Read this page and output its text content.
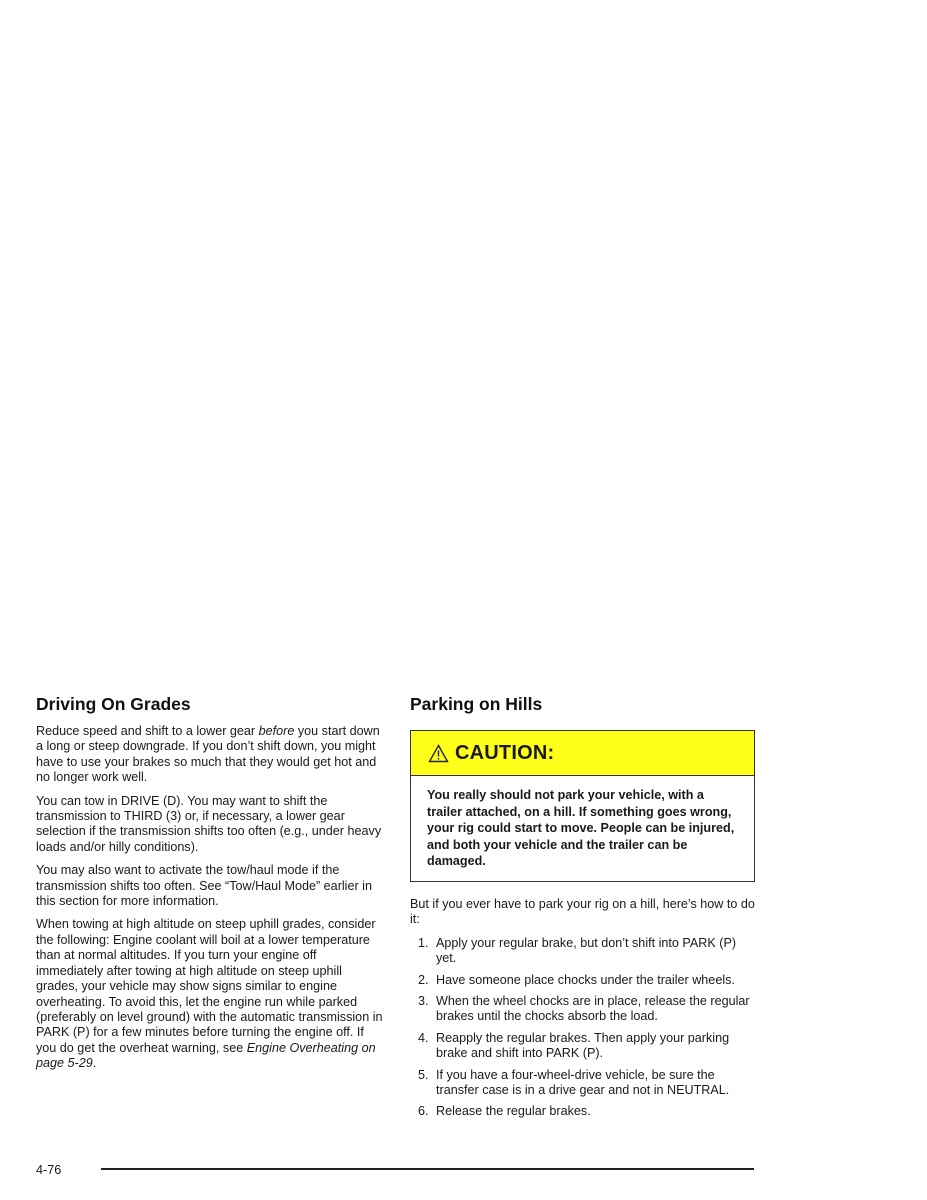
Driving On Grades

Reduce speed and shift to a lower gear before you start down a long or steep downgrade. If you don’t shift down, you might have to use your brakes so much that they would get hot and no longer work well.

You can tow in DRIVE (D). You may want to shift the transmission to THIRD (3) or, if necessary, a lower gear selection if the transmission shifts too often (e.g., under heavy loads and/or hilly conditions).

You may also want to activate the tow/haul mode if the transmission shifts too often. See “Tow/Haul Mode” earlier in this section for more information.

When towing at high altitude on steep uphill grades, consider the following: Engine coolant will boil at a lower temperature than at normal altitudes. If you turn your engine off immediately after towing at high altitude on steep uphill grades, your vehicle may show signs similar to engine overheating. To avoid this, let the engine run while parked (preferably on level ground) with the automatic transmission in PARK (P) for a few minutes before turning the engine off. If you do get the overheat warning, see Engine Overheating on page 5-29.

Parking on Hills
CAUTION:
You really should not park your vehicle, with a trailer attached, on a hill. If something goes wrong, your rig could start to move. People can be injured, and both your vehicle and the trailer can be damaged.

But if you ever have to park your rig on a hill, here’s how to do it:

1. Apply your regular brake, but don’t shift into PARK (P) yet.
2. Have someone place chocks under the trailer wheels.
3. When the wheel chocks are in place, release the regular brakes until the chocks absorb the load.
4. Reapply the regular brakes. Then apply your parking brake and shift into PARK (P).
5. If you have a four-wheel-drive vehicle, be sure the transfer case is in a drive gear and not in NEUTRAL.
6. Release the regular brakes.
4-76
